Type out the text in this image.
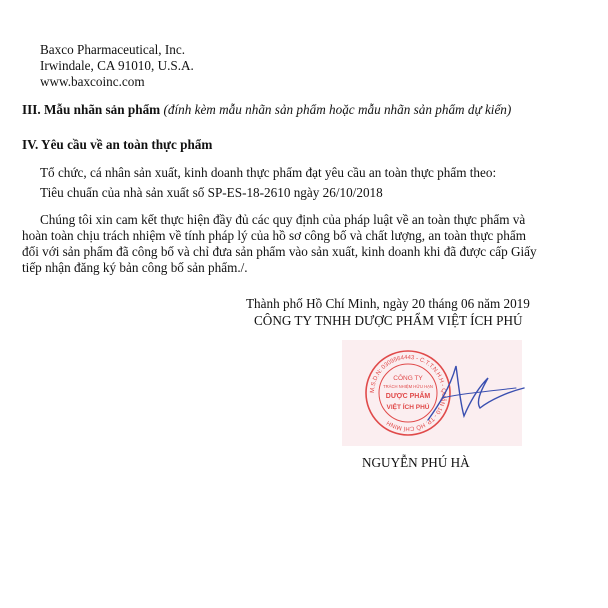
Baxco Pharmaceutical, Inc.
Irwindale, CA 91010, U.S.A.
www.baxcoinc.com
III. Mẫu nhãn sản phẩm (đính kèm mẫu nhãn sản phẩm hoặc mẫu nhãn sản phẩm dự kiến)
IV. Yêu cầu về an toàn thực phẩm
Tổ chức, cá nhân sản xuất, kinh doanh thực phẩm đạt yêu cầu an toàn thực phẩm theo:
Tiêu chuẩn của nhà sản xuất số SP-ES-18-2610 ngày 26/10/2018
Chúng tôi xin cam kết thực hiện đầy đủ các quy định của pháp luật về an toàn thực phẩm và
hoàn toàn chịu trách nhiệm về tính pháp lý của hồ sơ công bố và chất lượng, an toàn thực phẩm
đối với sản phẩm đã công bố và chỉ đưa sản phẩm vào sản xuất, kinh doanh khi đã được cấp Giấy
tiếp nhận đăng ký bản công bố sản phẩm./.
Thành phố Hồ Chí Minh, ngày 20 tháng 06 năm 2019
CÔNG TY TNHH DƯỢC PHẨM VIỆT ÍCH PHÚ
M.S.D.N: 0309564443 - C.T.T.N.H.H - QUẬN 10 - TP. HỒ CHÍ MINH
CÔNG TY
TRÁCH NHIỆM HỮU HẠN
DƯỢC PHẨM
VIỆT ÍCH PHÚ
NGUYỄN PHÚ HÀ
